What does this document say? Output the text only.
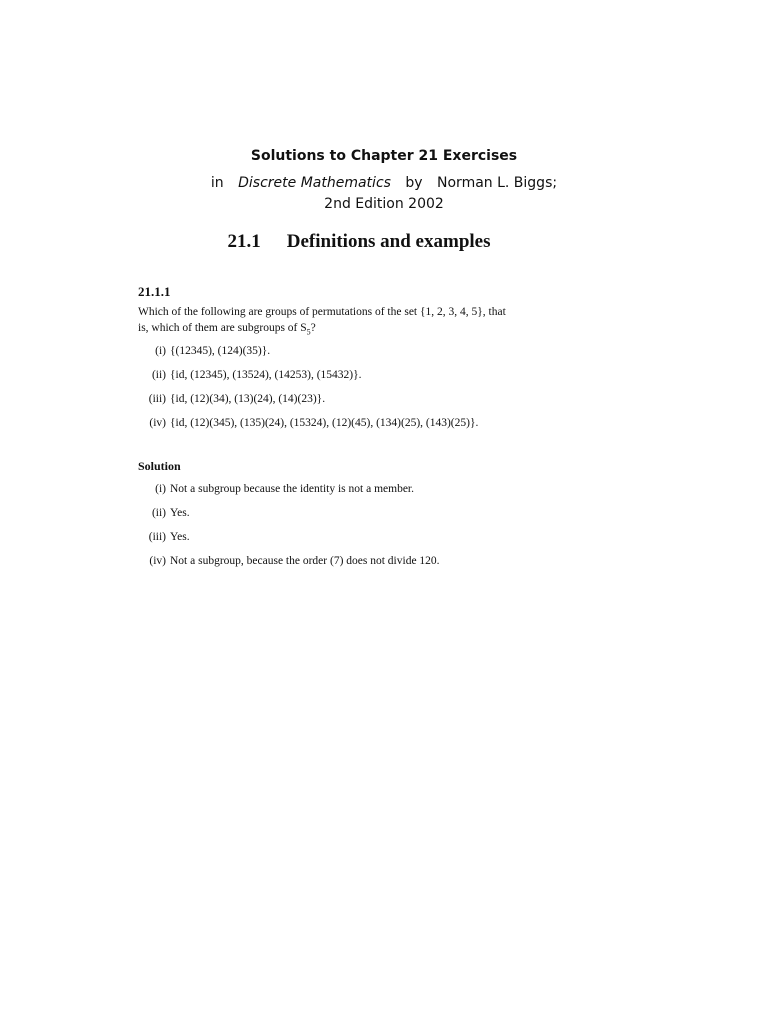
Solutions to Chapter 21 Exercises
in Discrete Mathematics by Norman L. Biggs;
2nd Edition 2002
21.1 Definitions and examples
21.1.1
Which of the following are groups of permutations of the set {1, 2, 3, 4, 5}, that
is, which of them are subgroups of $S_5$?
(i) {(12345), (124)(35)}.
(ii) {id, (12345), (13524), (14253), (15432)}.
(iii) {id, (12)(34), (13)(24), (14)(23)}.
(iv) {id, (12)(345), (135)(24), (15324), (12)(45), (134)(25), (143)(25)}.
Solution
(i) Not a subgroup because the identity is not a member.
(ii) Yes.
(iii) Yes.
(iv) Not a subgroup, because the order (7) does not divide 120.
